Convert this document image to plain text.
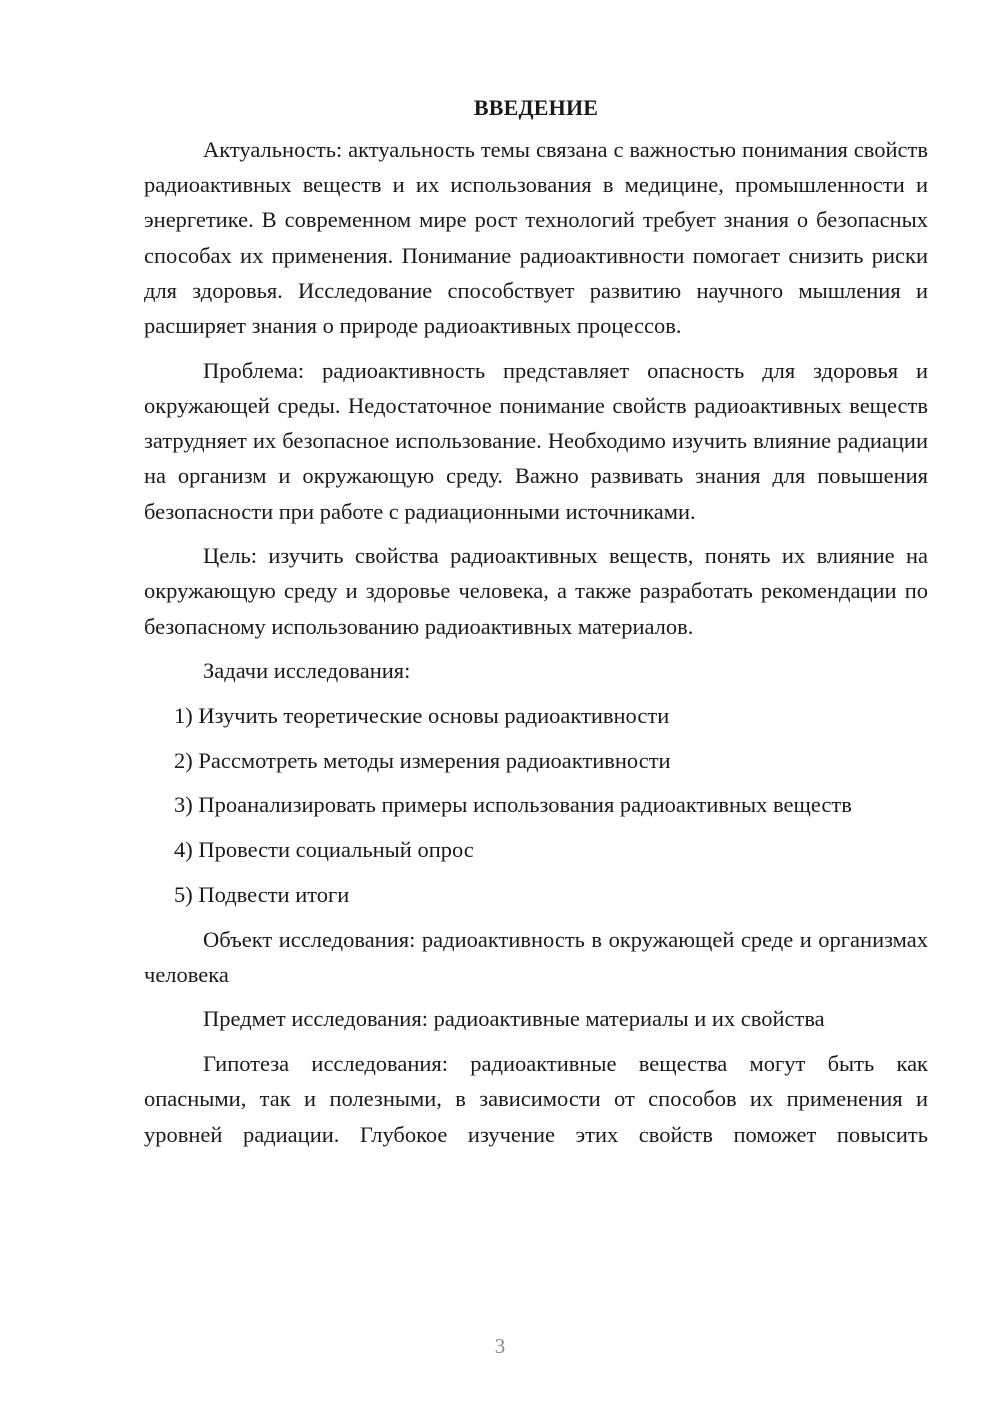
ВВЕДЕНИЕ

Актуальность: актуальность темы связана с важностью понимания свойств радиоактивных веществ и их использования в медицине, промышленности и энергетике. В современном мире рост технологий требует знания о безопасных способах их применения. Понимание радиоактивности помогает снизить риски для здоровья. Исследование способствует развитию научного мышления и расширяет знания о природе радиоактивных процессов.

Проблема: радиоактивность представляет опасность для здоровья и окружающей среды. Недостаточное понимание свойств радиоактивных веществ затрудняет их безопасное использование. Необходимо изучить влияние радиации на организм и окружающую среду. Важно развивать знания для повышения безопасности при работе с радиационными источниками.

Цель: изучить свойства радиоактивных веществ, понять их влияние на окружающую среду и здоровье человека, а также разработать рекомендации по безопасному использованию радиоактивных материалов.

Задачи исследования:

1) Изучить теоретические основы радиоактивности

2) Рассмотреть методы измерения радиоактивности

3) Проанализировать примеры использования радиоактивных веществ

4) Провести социальный опрос

5) Подвести итоги

Объект исследования: радиоактивность в окружающей среде и организмах человека

Предмет исследования: радиоактивные материалы и их свойства

Гипотеза исследования: радиоактивные вещества могут быть как опасными, так и полезными, в зависимости от способов их применения и уровней радиации. Глубокое изучение этих свойств поможет повысить

3
